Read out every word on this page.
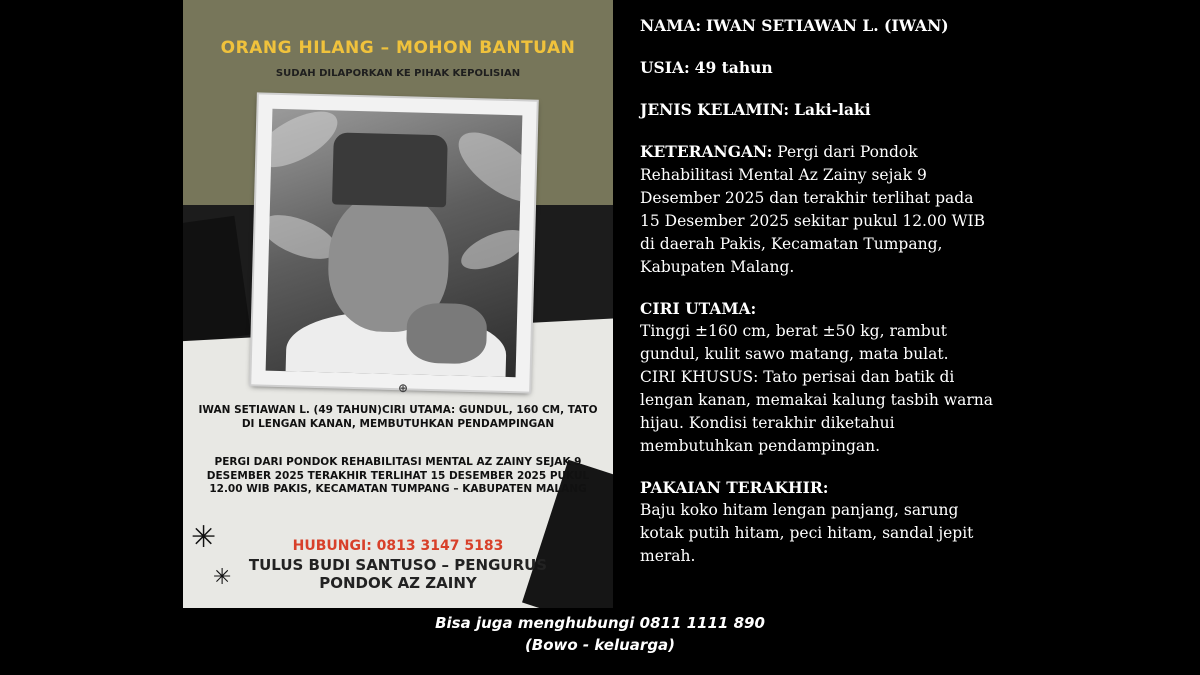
ORANG HILANG – MOHON BANTUAN
SUDAH DILAPORKAN KE PIHAK KEPOLISIAN
⊕
IWAN SETIAWAN L. (49 TAHUN)CIRI UTAMA: GUNDUL, 160 CM, TATO DI LENGAN KANAN, MEMBUTUHKAN PENDAMPINGAN
PERGI DARI PONDOK REHABILITASI MENTAL AZ ZAINY SEJAK 9 DESEMBER 2025 TERAKHIR TERLIHAT 15 DESEMBER 2025 PUKUL 12.00 WIB PAKIS, KECAMATAN TUMPANG – KABUPATEN MALANG
HUBUNGI: 0813 3147 5183
TULUS BUDI SANTUSO – PENGURUS
PONDOK AZ ZAINY
✳
✳

NAMA: IWAN SETIAWAN L. (IWAN)

USIA: 49 tahun

JENIS KELAMIN: Laki-laki

KETERANGAN: Pergi dari Pondok Rehabilitasi Mental Az Zainy sejak 9 Desember 2025 dan terakhir terlihat pada 15 Desember 2025 sekitar pukul 12.00 WIB di daerah Pakis, Kecamatan Tumpang, Kabupaten Malang.

CIRI UTAMA:
Tinggi ±160 cm, berat ±50 kg, rambut gundul, kulit sawo matang, mata bulat.
CIRI KHUSUS: Tato perisai dan batik di lengan kanan, memakai kalung tasbih warna hijau. Kondisi terakhir diketahui membutuhkan pendampingan.
PAKAIAN TERAKHIR:
Baju koko hitam lengan panjang, sarung kotak putih hitam, peci hitam, sandal jepit merah.
Bisa juga menghubungi 0811 1111 890
(Bowo - keluarga)
